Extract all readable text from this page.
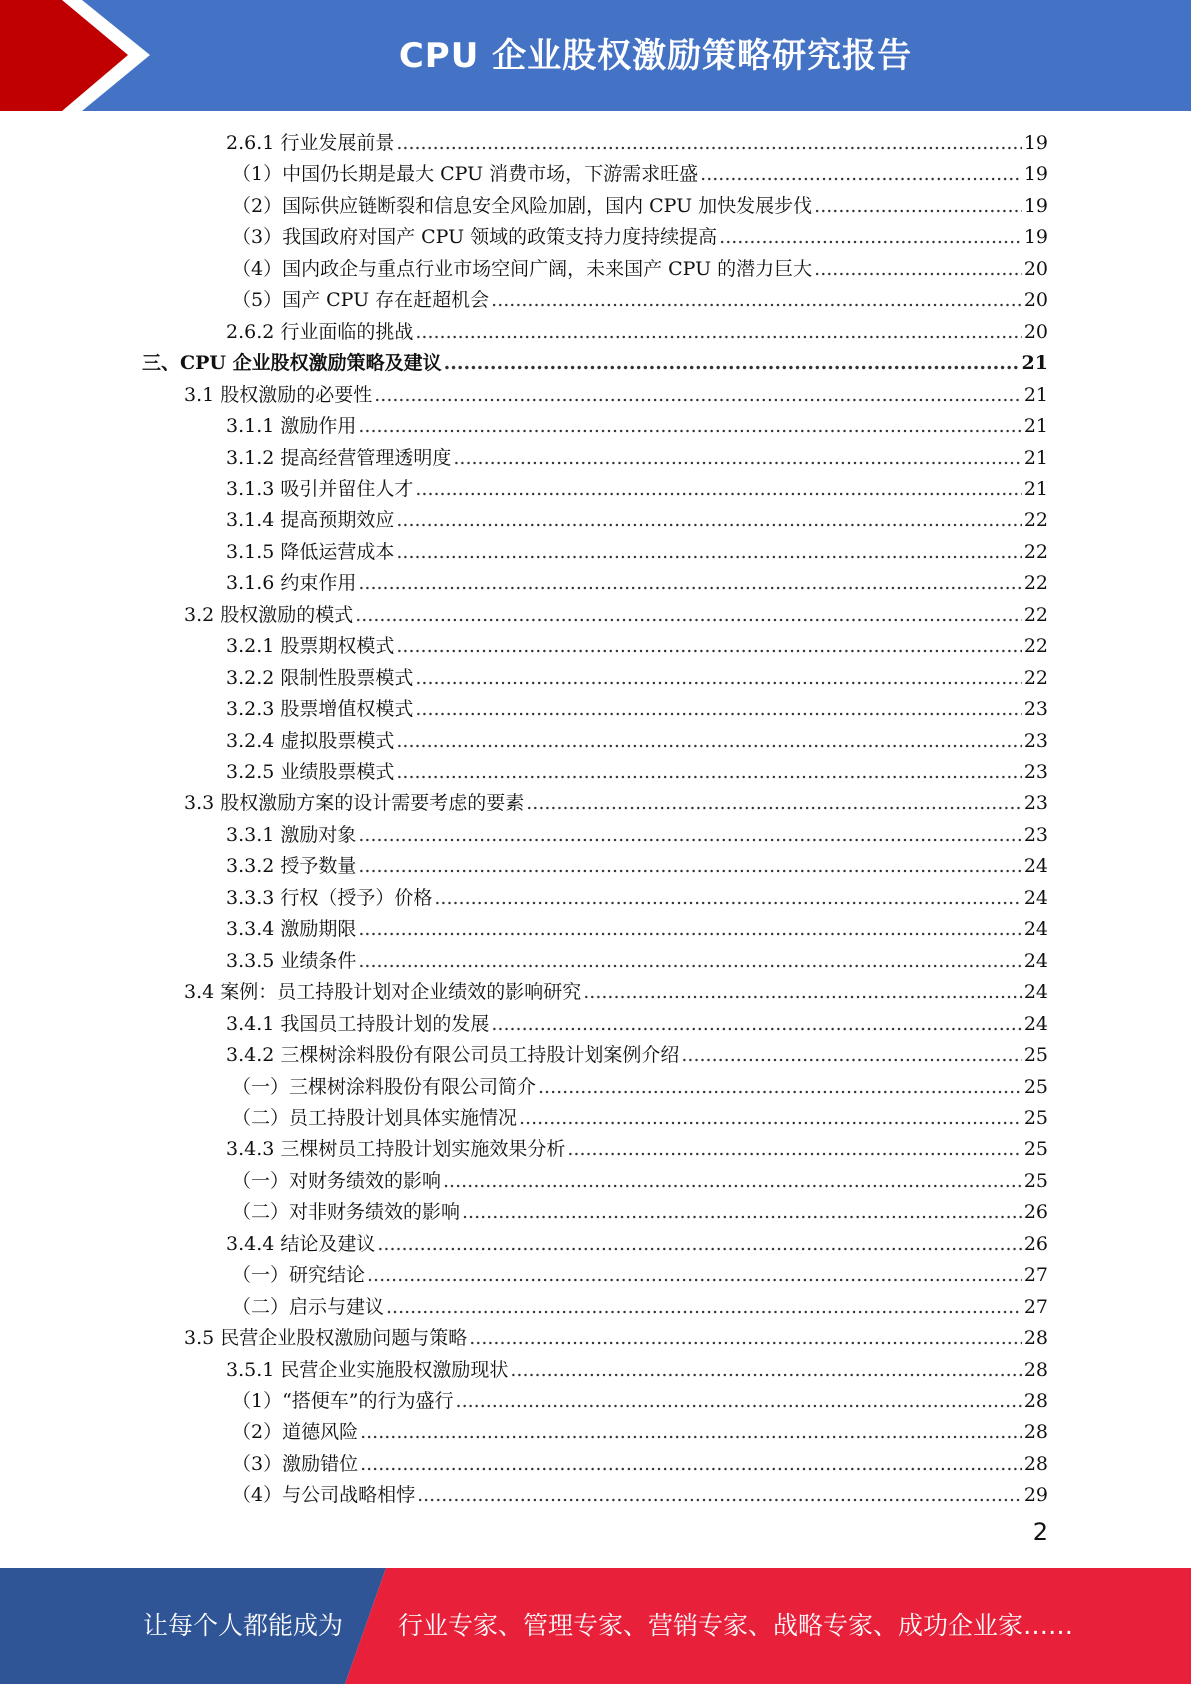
CPU 企业股权激励策略研究报告
2.6.1 行业发展前景 .....	19
（1）中国仍长期是最大 CPU 消费市场，下游需求旺盛 .....	19
（2）国际供应链断裂和信息安全风险加剧，国内 CPU 加快发展步伐 .....	19
（3）我国政府对国产 CPU 领域的政策支持力度持续提高 .....	19
（4）国内政企与重点行业市场空间广阔，未来国产 CPU 的潜力巨大 .....	20
（5）国产 CPU 存在赶超机会 .....	20
2.6.2 行业面临的挑战 .....	20
三、CPU 企业股权激励策略及建议 .....	21
3.1 股权激励的必要性 .....	21
3.1.1 激励作用 .....	21
3.1.2 提高经营管理透明度 .....	21
3.1.3 吸引并留住人才 .....	21
3.1.4 提高预期效应 .....	22
3.1.5 降低运营成本 .....	22
3.1.6 约束作用 .....	22
3.2 股权激励的模式 .....	22
3.2.1 股票期权模式 .....	22
3.2.2 限制性股票模式 .....	22
3.2.3 股票增值权模式 .....	23
3.2.4 虚拟股票模式 .....	23
3.2.5 业绩股票模式 .....	23
3.3 股权激励方案的设计需要考虑的要素 .....	23
3.3.1 激励对象 .....	23
3.3.2 授予数量 .....	24
3.3.3 行权（授予）价格 .....	24
3.3.4 激励期限 .....	24
3.3.5 业绩条件 .....	24
3.4 案例：员工持股计划对企业绩效的影响研究 .....	24
3.4.1 我国员工持股计划的发展 .....	24
3.4.2 三棵树涂料股份有限公司员工持股计划案例介绍 .....	25
（一）三棵树涂料股份有限公司简介 .....	25
（二）员工持股计划具体实施情况 .....	25
3.4.3 三棵树员工持股计划实施效果分析 .....	25
（一）对财务绩效的影响 .....	25
（二）对非财务绩效的影响 .....	26
3.4.4 结论及建议 .....	26
（一）研究结论 .....	27
（二）启示与建议 .....	27
3.5 民营企业股权激励问题与策略 .....	28
3.5.1 民营企业实施股权激励现状 .....	28
（1）“搭便车”的行为盛行 .....	28
（2）道德风险 .....	28
（3）激励错位 .....	28
（4）与公司战略相悖 .....	29
2
让每个人都能成为 行业专家、管理专家、营销专家、战略专家、成功企业家……
